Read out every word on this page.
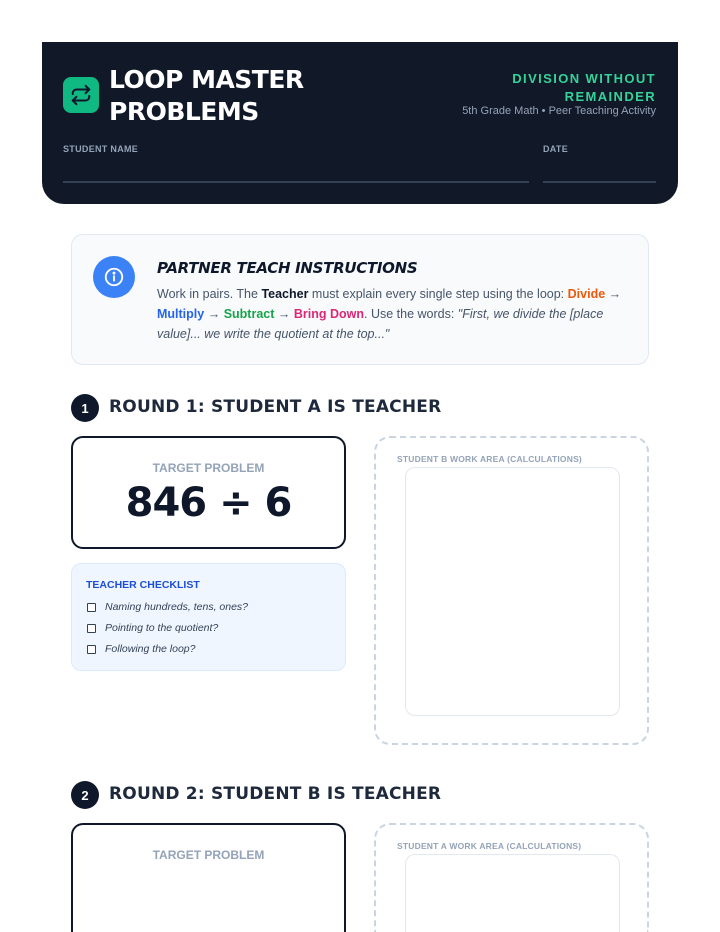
LOOP MASTER
PROBLEMS
DIVISION WITHOUT
REMAINDER
5th Grade Math • Peer Teaching Activity
STUDENT NAME	DATE
PARTNER TEACH INSTRUCTIONS
Work in pairs. The Teacher must explain every single step using the loop: Divide → Multiply → Subtract → Bring Down. Use the words: "First, we divide the [place value]... we write the quotient at the top..."
1	ROUND 1: STUDENT A IS TEACHER
TARGET PROBLEM
846 ÷ 6
TEACHER CHECKLIST
Naming hundreds, tens, ones?
Pointing to the quotient?
Following the loop?
STUDENT B WORK AREA (CALCULATIONS)
2	ROUND 2: STUDENT B IS TEACHER
TARGET PROBLEM
STUDENT A WORK AREA (CALCULATIONS)
